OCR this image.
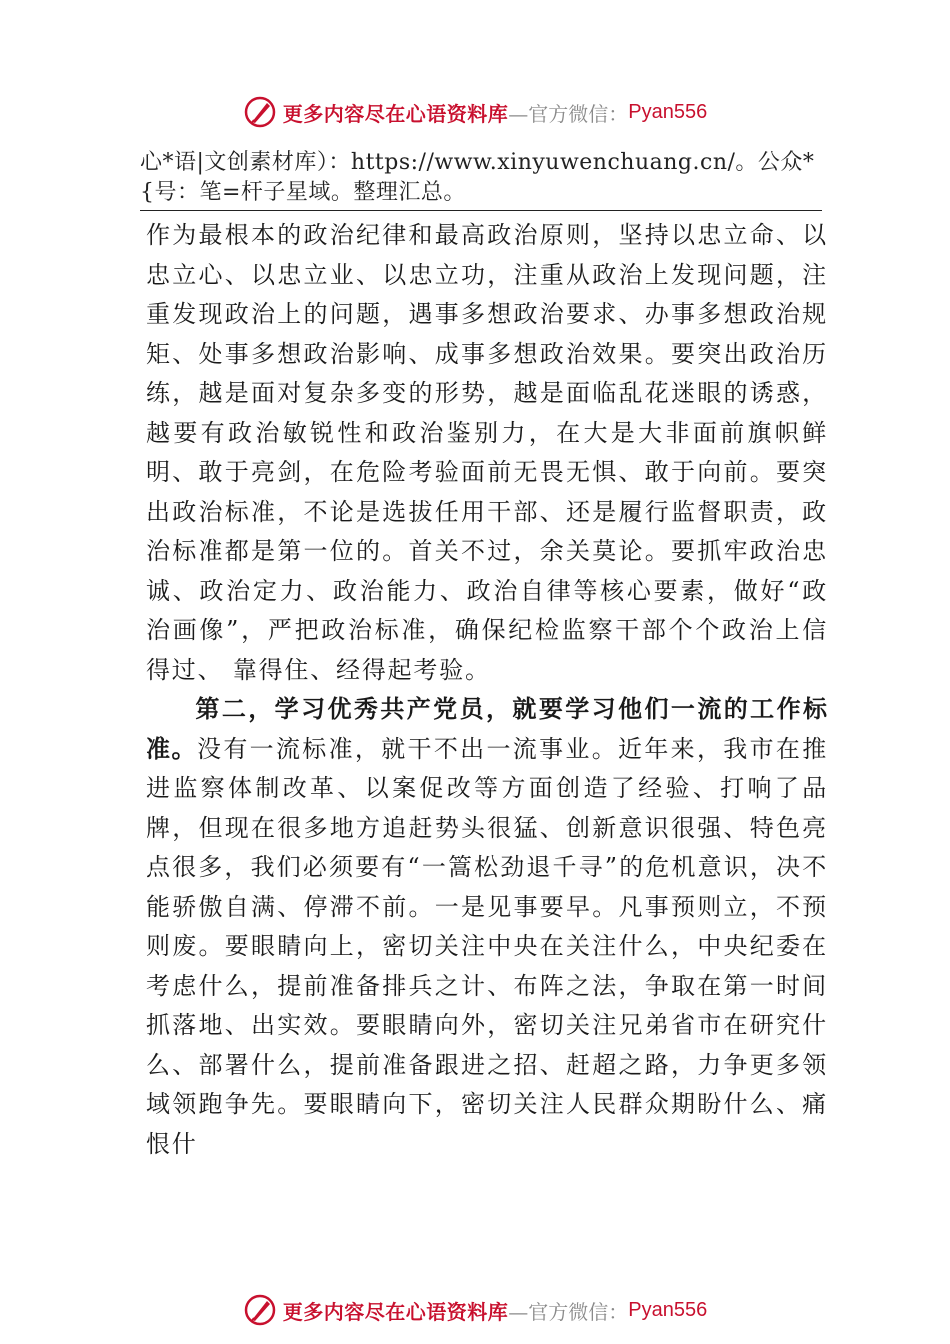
更多内容尽在心语资料库 —官方微信： Pyan556
心*语|文创素材库）：https://www.xinyuwenchuang.cn/。公众*{号：笔=杆子星域。整理汇总。

作为最根本的政治纪律和最高政治原则，坚持以忠立命、以忠立心、以忠立业、以忠立功，注重从政治上发现问题，注重发现政治上的问题，遇事多想政治要求、办事多想政治规矩、处事多想政治影响、成事多想政治效果。要突出政治历练，越是面对复杂多变的形势，越是面临乱花迷眼的诱惑，越要有政治敏锐性和政治鉴别力，在大是大非面前旗帜鲜明、敢于亮剑，在危险考验面前无畏无惧、敢于向前。要突出政治标准，不论是选拔任用干部、还是履行监督职责，政治标准都是第一位的。首关不过，余关莫论。要抓牢政治忠诚、政治定力、政治能力、政治自律等核心要素，做好“政治画像”，严把政治标准，确保纪检监察干部个个政治上信得过、 靠得住、经得起考验。

第二，学习优秀共产党员，就要学习他们一流的工作标准。没有一流标准，就干不出一流事业。近年来，我市在推进监察体制改革、以案促改等方面创造了经验、打响了品牌，但现在很多地方追赶势头很猛、创新意识很强、特色亮点很多，我们必须要有“一篙松劲退千寻”的危机意识，决不能骄傲自满、停滞不前。一是见事要早。凡事预则立，不预则废。要眼睛向上，密切关注中央在关注什么，中央纪委在考虑什么，提前准备排兵之计、布阵之法，争取在第一时间抓落地、出实效。要眼睛向外，密切关注兄弟省市在研究什么、部署什么，提前准备跟进之招、赶超之路，力争更多领域领跑争先。要眼睛向下，密切关注人民群众期盼什么、痛恨什

更多内容尽在心语资料库 —官方微信： Pyan556
